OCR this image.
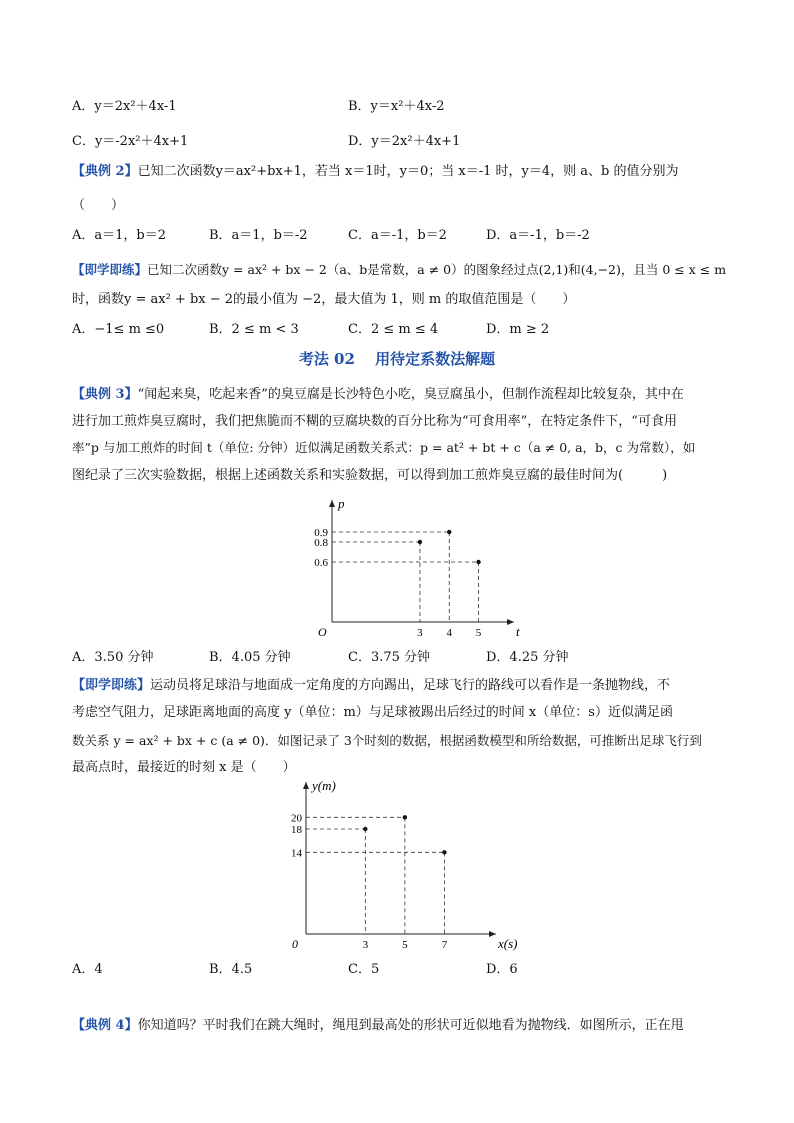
A．y＝2x²＋4x-1	B．y＝x²＋4x-2
C．y＝-2x²＋4x+1	D．y＝2x²＋4x+1
【典例 2】已知二次函数y＝ax²+bx+1，若当 x＝1时，y＝0；当 x＝-1 时，y＝4，则 a、b 的值分别为
（　　）
A．a＝1，b＝2	B．a＝1，b＝-2	C．a＝-1，b＝2	D．a＝-1，b＝-2
【即学即练】已知二次函数y = ax² + bx − 2（a、b是常数，a ≠ 0）的图象经过点(2,1)和(4,−2)，且当 0 ≤ x ≤ m
时，函数y = ax² + bx − 2的最小值为 −2，最大值为 1，则 m 的取值范围是（　　）
A．−1≤ m ≤0	B．2 ≤ m < 3	C．2 ≤ m ≤ 4	D．m ≥ 2
考法 02　 用待定系数法解题
【典例 3】“闻起来臭，吃起来香”的臭豆腐是长沙特色小吃，臭豆腐虽小，但制作流程却比较复杂，其中在
进行加工煎炸臭豆腐时，我们把焦脆而不糊的豆腐块数的百分比称为“可食用率”，在特定条件下，“可食用
率”p 与加工煎炸的时间 t（单位: 分钟）近似满足函数关系式：p = at² + bt + c（a ≠ 0, a，b，c 为常数），如
图纪录了三次实验数据，根据上述函数关系和实验数据，可以得到加工煎炸臭豆腐的最佳时间为(　　　)
t
p
O	3 4 5
0.9
0.8
0.6
A．3.50 分钟	B．4.05 分钟	C．3.75 分钟	D．4.25 分钟
【即学即练】运动员将足球沿与地面成一定角度的方向踢出，足球飞行的路线可以看作是一条抛物线，不
考虑空气阻力，足球距离地面的高度 y（单位：m）与足球被踢出后经过的时间 x（单位：s）近似满足函
数关系 y = ax² + bx + c (a ≠ 0)．如图记录了 3个时刻的数据，根据函数模型和所给数据，可推断出足球飞行到
最高点时，最接近的时刻 x 是（　　）
x(s)
y(m)
0	3	5	7
20
18
14
A．4	B．4.5	C．5	D．6
【典例 4】你知道吗？平时我们在跳大绳时，绳甩到最高处的形状可近似地看为抛物线．如图所示，正在甩
